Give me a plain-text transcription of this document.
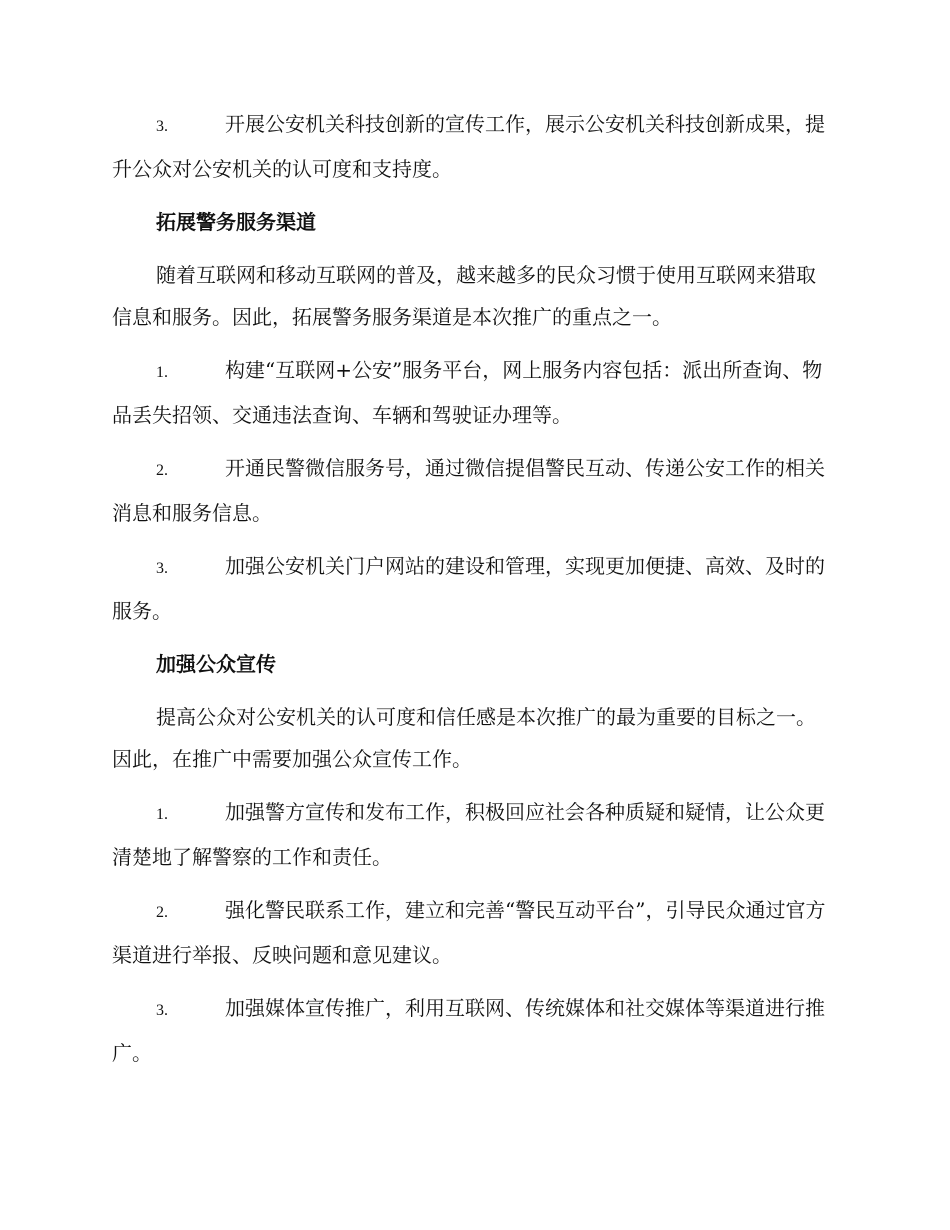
3.	开展公安机关科技创新的宣传工作，展示公安机关科技创新成果，提升公众对公安机关的认可度和支持度。

拓展警务服务渠道

随着互联网和移动互联网的普及，越来越多的民众习惯于使用互联网来猎取信息和服务。因此，拓展警务服务渠道是本次推广的重点之一。

1.	构建“互联网+公安”服务平台，网上服务内容包括：派出所查询、物品丢失招领、交通违法查询、车辆和驾驶证办理等。

2.	开通民警微信服务号，通过微信提倡警民互动、传递公安工作的相关消息和服务信息。

3.	加强公安机关门户网站的建设和管理，实现更加便捷、高效、及时的服务。

加强公众宣传

提高公众对公安机关的认可度和信任感是本次推广的最为重要的目标之一。因此，在推广中需要加强公众宣传工作。

1.	加强警方宣传和发布工作，积极回应社会各种质疑和疑情，让公众更清楚地了解警察的工作和责任。

2.	强化警民联系工作，建立和完善“警民互动平台”，引导民众通过官方渠道进行举报、反映问题和意见建议。

3.	加强媒体宣传推广，利用互联网、传统媒体和社交媒体等渠道进行推广。
